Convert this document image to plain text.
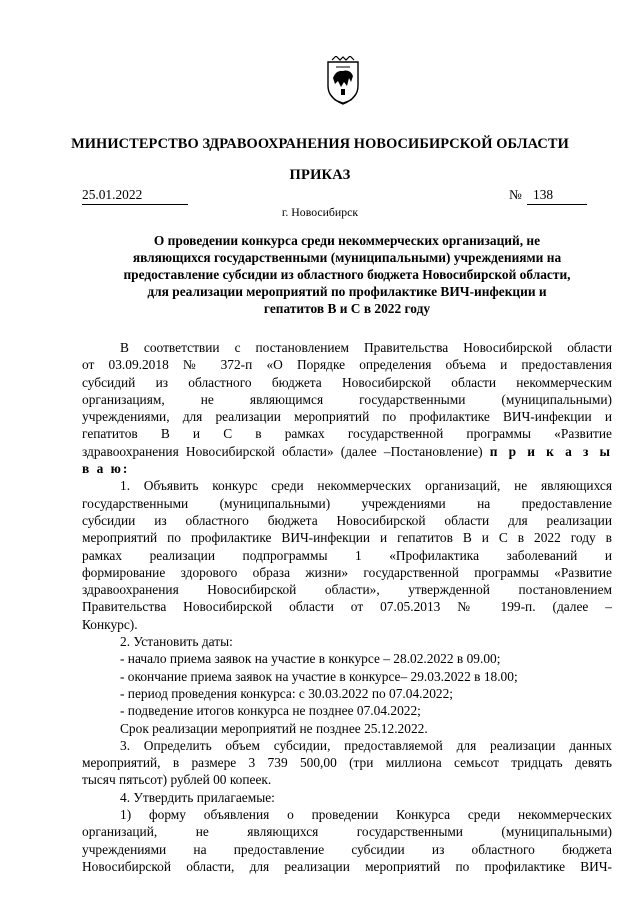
МИНИСТЕРСТВО ЗДРАВООХРАНЕНИЯ НОВОСИБИРСКОЙ ОБЛАСТИ
ПРИКАЗ
25.01.2022	№ 138
г. Новосибирск
О проведении конкурса среди некоммерческих организаций, не
являющихся государственными (муниципальными) учреждениями на
предоставление субсидии из областного бюджета Новосибирской области,
для реализации мероприятий по профилактике ВИЧ-инфекции и
гепатитов В и С в 2022 году

В соответствии с постановлением Правительства Новосибирской области
от 03.09.2018 № 372-п «О Порядке определения объема и предоставления
субсидий из областного бюджета Новосибирской области некоммерческим
организациям, не являющимся государственными (муниципальными)
учреждениями, для реализации мероприятий по профилактике ВИЧ-инфекции и
гепатитов В и С в рамках государственной программы «Развитие
здравоохранения Новосибирской области» (далее –Постановление) п р и к а з ы
в а ю:

1. Объявить конкурс среди некоммерческих организаций, не являющихся
государственными (муниципальными) учреждениями на предоставление
субсидии из областного бюджета Новосибирской области для реализации
мероприятий по профилактике ВИЧ-инфекции и гепатитов В и С в 2022 году в
рамках реализации подпрограммы 1 «Профилактика заболеваний и
формирование здорового образа жизни» государственной программы «Развитие
здравоохранения Новосибирской области», утвержденной постановлением
Правительства Новосибирской области от 07.05.2013 № 199-п. (далее –
Конкурс).

2. Установить даты:

- начало приема заявок на участие в конкурсе – 28.02.2022 в 09.00;

- окончание приема заявок на участие в конкурсе– 29.03.2022 в 18.00;

- период проведения конкурса: с 30.03.2022 по 07.04.2022;

- подведение итогов конкурса не позднее 07.04.2022;

Срок реализации мероприятий не позднее 25.12.2022.

3. Определить объем субсидии, предоставляемой для реализации данных
мероприятий, в размере 3 739 500,00 (три миллиона семьсот тридцать девять
тысяч пятьсот) рублей 00 копеек.

4. Утвердить прилагаемые:

1) форму объявления о проведении Конкурса среди некоммерческих
организаций, не являющихся государственными (муниципальными)
учреждениями на предоставление субсидии из областного бюджета
Новосибирской области, для реализации мероприятий по профилактике ВИЧ-
